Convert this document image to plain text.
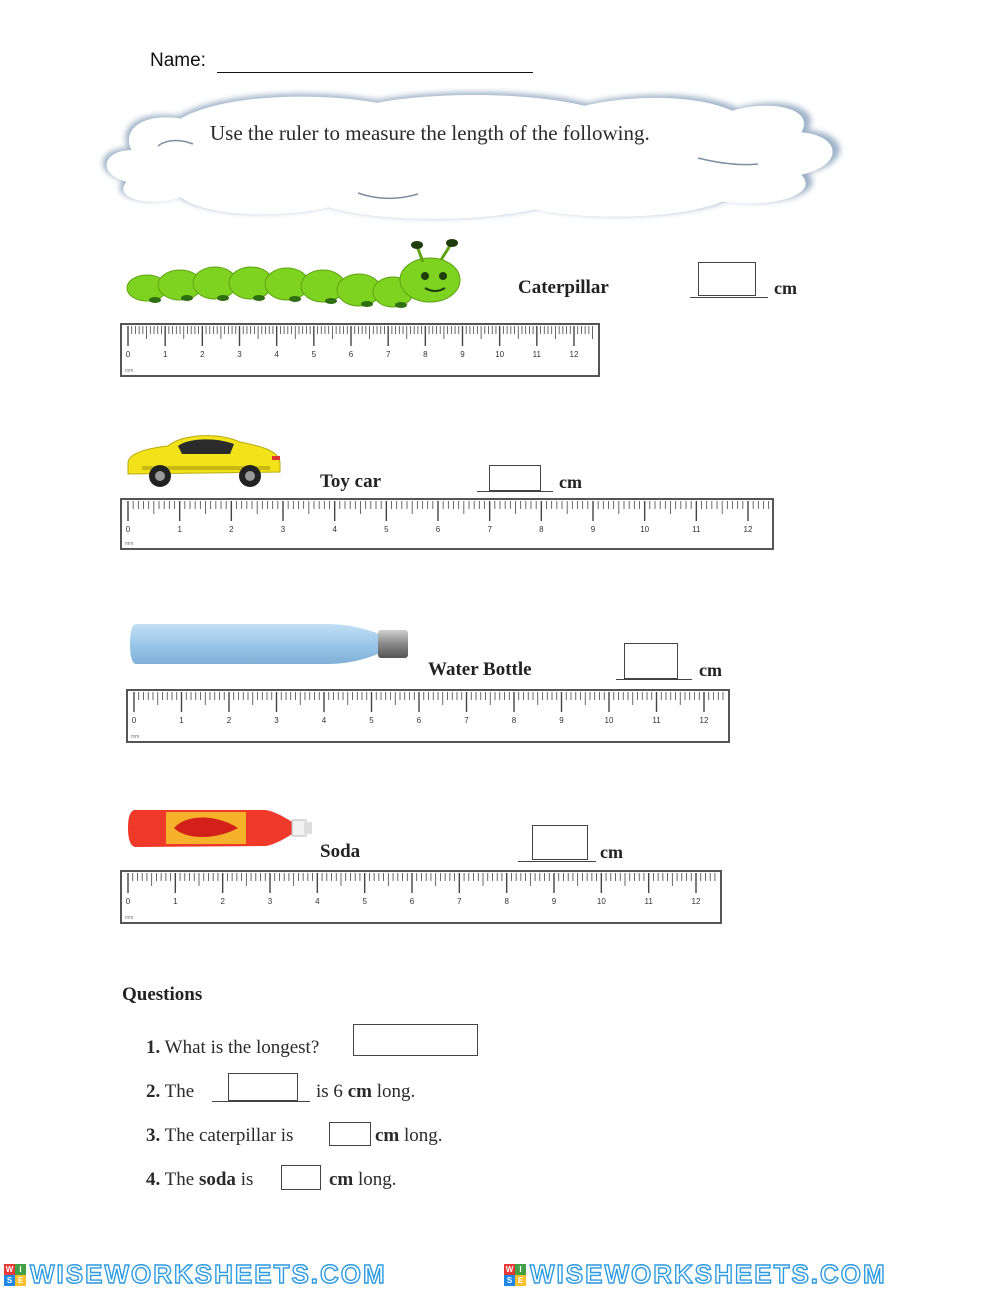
Name:
Use the ruler to measure the length of the following.
Caterpillar	cm
0	1	2	3	4	5	6	7	8	9	10	11	12
mm
Toy car	cm
0	1	2	3	4	5	6	7	8	9	10	11	12
mm
Water Bottle	cm
0	1	2	3	4	5	6	7	8	9	10	11	12
mm
Soda	cm
0	1	2	3	4	5	6	7	8	9	10	11	12
mm
Questions
1. What is the longest?
2. The	is 6 cm long.
3. The caterpillar is	cm long.
4. The soda is	cm long.
W I
S E WISEWORKSHEETS.COM	W I
S E WISEWORKSHEETS.COM
